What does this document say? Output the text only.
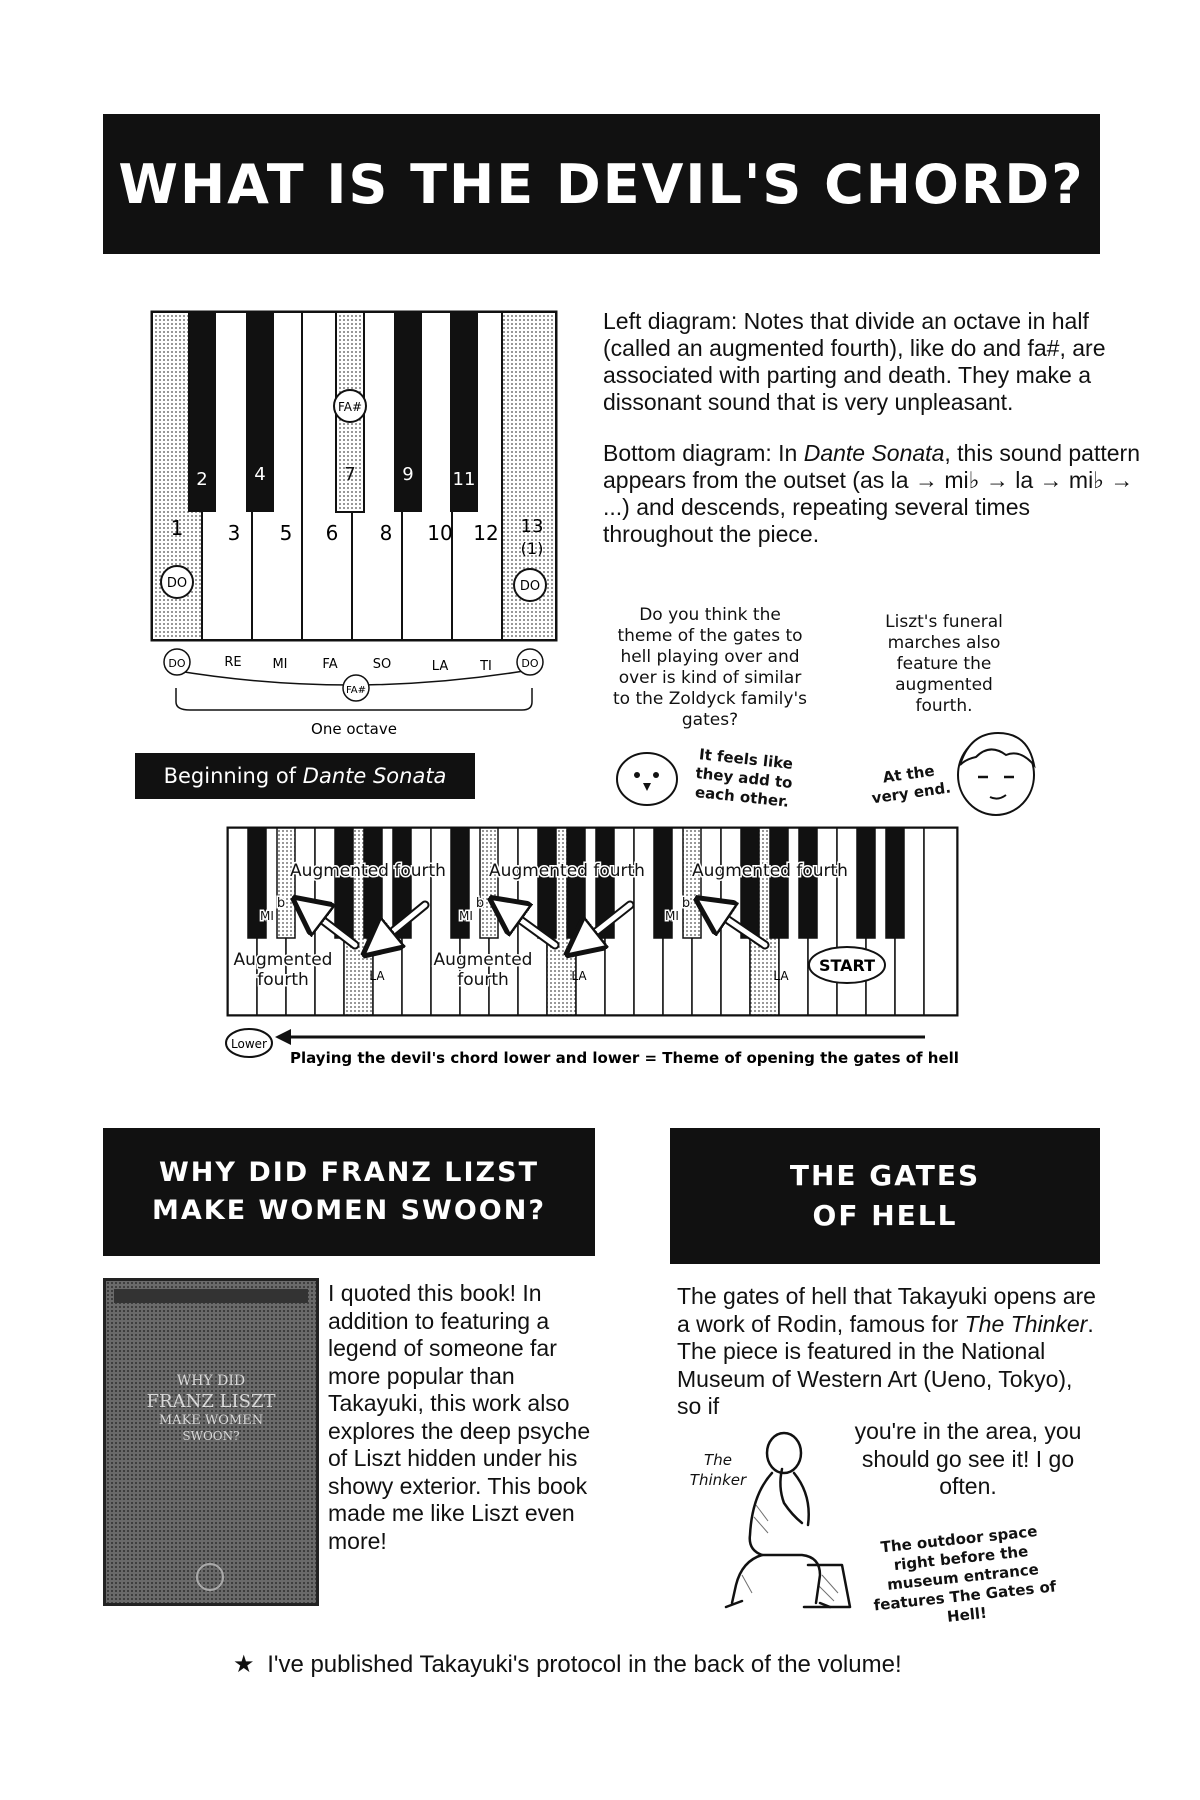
WHAT IS THE DEVIL'S CHORD?
2	4	7	9 11
1 3 5 6 8 10 12 13
(1)
FA#
DO	DO
DO	RE MI	FA	SO	LA TI	DO
FA#
One octave

Left diagram: Notes that divide an octave in half (called an augmented fourth), like do and fa#, are associated with parting and death. They make a dissonant sound that is very unpleasant.

Bottom diagram: In Dante Sonata, this sound pattern appears from the outset (as la → mi♭ → la → mi♭ → ...) and descends, repeating several times throughout the piece.

Do you think the theme of the gates to hell playing over and over is kind of similar to the Zoldyck family's gates?
Liszt's funeral marches also feature the augmented fourth.
It feels like they add to each other.
At the very end.
Beginning of
Dante Sonata
Augmented fourth	Augmented fourth	Augmented fourth
Augmented
fourth
Augmented
fourth
MI
b
MI
b
MI
b
LA	LA	LA
START
Lower
Playing the devil's chord lower and lower = Theme of opening the gates of hell
WHY DID FRANZ LIZST
MAKE WOMEN SWOON?
WHY DID
FRANZ LISZT
MAKE WOMEN
SWOON?
I quoted this book! In addition to featuring a legend of someone far more popular than Takayuki, this work also explores the deep psyche of Liszt hidden under his showy exterior. This book made me like Liszt even more!
THE GATES
OF HELL
The gates of hell that Takayuki opens are a work of Rodin, famous for The Thinker. The piece is featured in the National Museum of Western Art (Ueno, Tokyo), so if
you're in the area, you should go see it! I go often.
The Thinker
The outdoor space right before the museum entrance features The Gates of Hell!
★ I've published Takayuki's protocol in the back of the volume!
